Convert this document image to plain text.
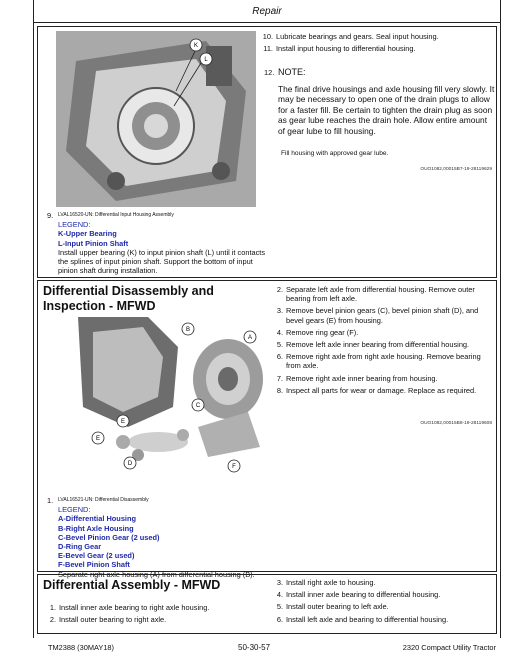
Repair
K
L
10. Lubricate bearings and gears. Seal input housing.
11. Install input housing to differential housing.
12. NOTE:
The final drive housings and axle housing fill very slowly. It may be necessary to open one of the drain plugs to allow for a faster fill. Be certain to tighten the drain plug as soon as gear lube reaches the drain hole. Allow entire amount of gear lube to fill housing.
Fill housing with approved gear lube.
OUO1082,00015B7-19-28119629
9. LVAL16520-UN: Differential Input Housing Assembly
LEGEND:
K-Upper Bearing
L-Input Pinion Shaft
Install upper bearing (K) to input pinion shaft (L) until it contacts the splines of input pinion shaft. Support the bottom of input pinion shaft during installation.
Differential Disassembly and Inspection - MFWD
B
A
C
E
E
D	F
2. Separate left axle from differential housing. Remove outer bearing from left axle.
3. Remove bevel pinion gears (C), bevel pinion shaft (D), and bevel gears (E) from housing.
4. Remove ring gear (F).
5. Remove left axle inner bearing from differential housing.
6. Remove right axle from right axle housing. Remove bearing from axle.
7. Remove right axle inner bearing from housing.
8. Inspect all parts for wear or damage. Replace as required.
OUO1082,00015B8-19-28119608
1. LVAL16521-UN: Differential Disassembly
LEGEND:
A-Differential Housing
B-Right Axle Housing
C-Bevel Pinion Gear (2 used)
D-Ring Gear
E-Bevel Gear (2 used)
F-Bevel Pinion Shaft
Separate right axle housing (A) from differential housing (B).
Differential Assembly - MFWD
1. Install inner axle bearing to right axle housing.
2. Install outer bearing to right axle.
3. Install right axle to housing.
4. Install inner axle bearing to differential housing.
5. Install outer bearing to left axle.
6. Install left axle and bearing to differential housing.
TM2388 (30MAY18)	50-30-57	2320 Compact Utility Tractor
